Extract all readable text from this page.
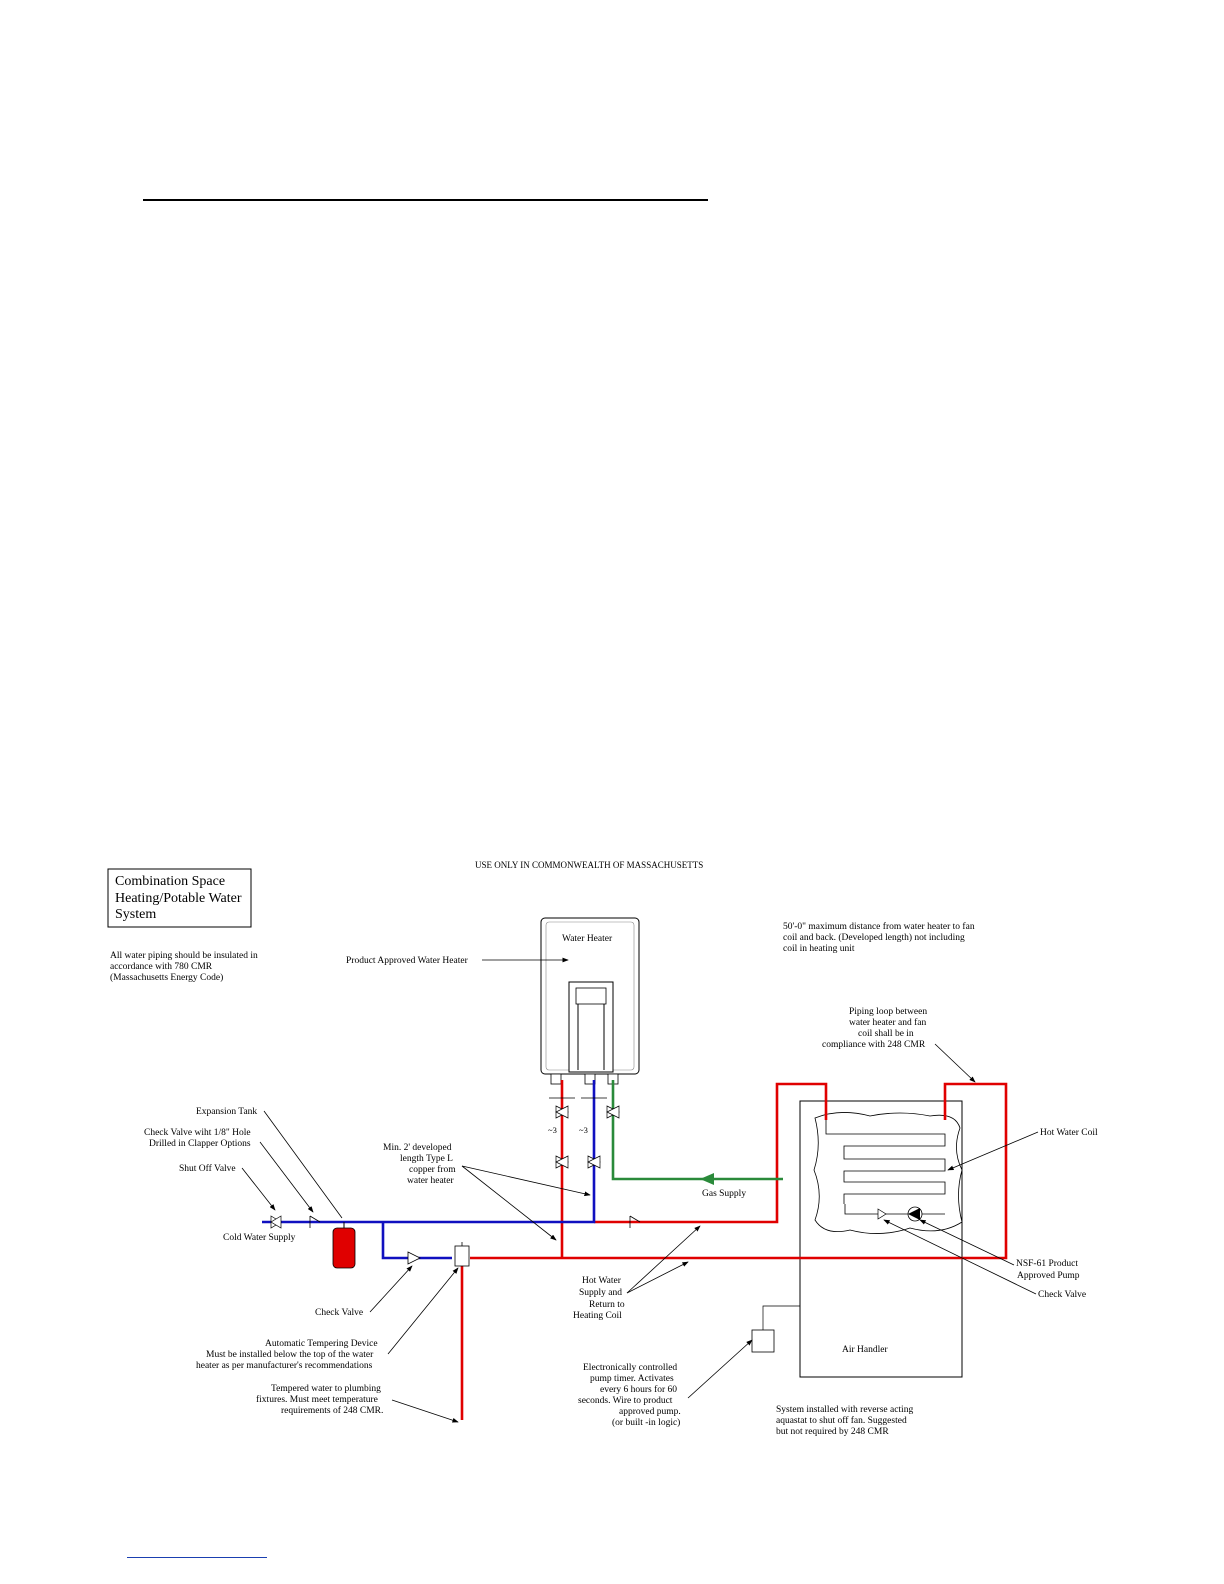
USE ONLY IN COMMONWEALTH OF MASSACHUSETTS
Combination Space
Heating/Potable Water
System
All water piping should be insulated in
accordance with 780 CMR
(Massachusetts Energy Code)
Water Heater
Product Approved Water Heater
50'-0" maximum distance from water heater to fan
coil and back. (Developed length) not including
coil in heating unit
Piping loop between
water heater and fan
coil shall be in
compliance with 248 CMR
Air Handler
~3	~3
Expansion Tank
Check Valve wiht 1/8" Hole
Drilled in Clapper Options
Shut Off Valve
Cold Water Supply
Min. 2' developed
length Type L
copper from
water heater
Gas Supply
Check Valve
Automatic Tempering Device
Must be installed below the top of the water
heater as per manufacturer's recommendations
Tempered water to plumbing
fixtures. Must meet temperature
requirements of 248 CMR.
Hot Water
Supply and
Return to
Heating Coil
Electronically controlled
pump timer. Activates
every 6 hours for 60
seconds. Wire to product
approved pump.
(or built -in logic)
Hot Water Coil
NSF-61 Product
Approved Pump
Check Valve
System installed with reverse acting
aquastat to shut off fan. Suggested
but not required by 248 CMR
